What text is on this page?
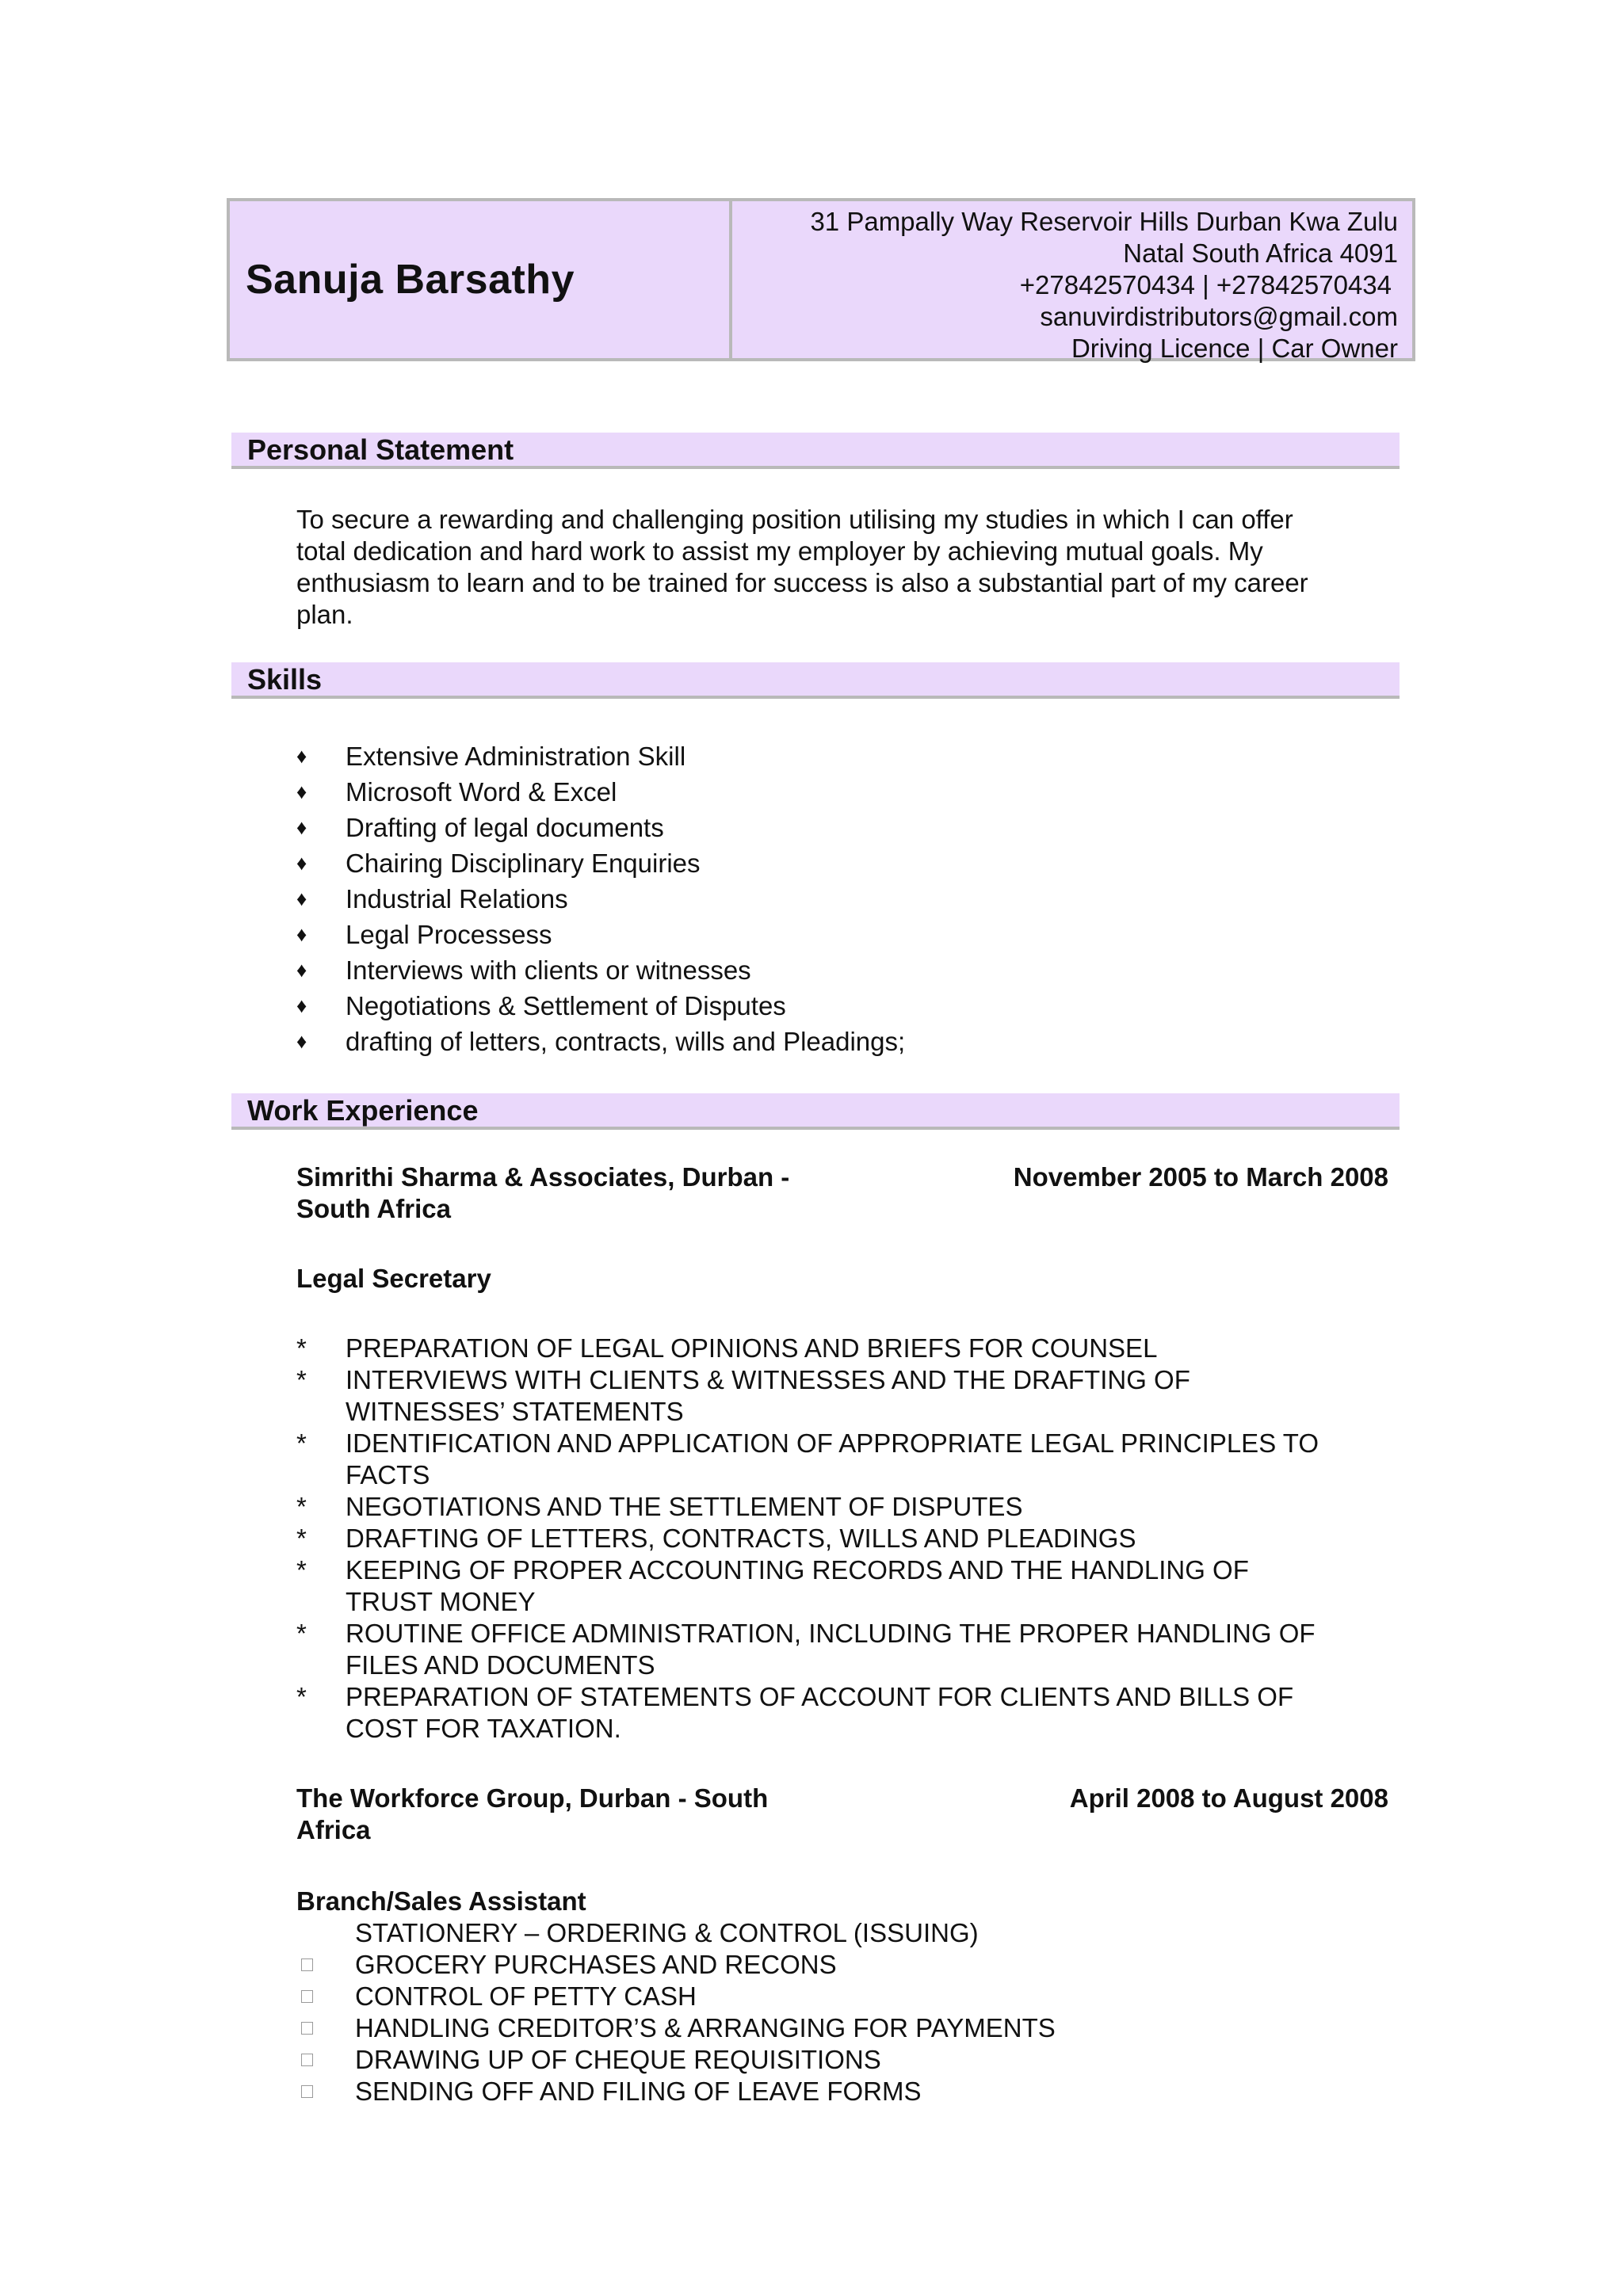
Sanuja Barsathy
31 Pampally Way Reservoir Hills Durban Kwa Zulu
Natal South Africa 4091
+27842570434 | +27842570434
sanuvirdistributors@gmail.com
Driving Licence | Car Owner
Personal Statement
To secure a rewarding and challenging position utilising my studies in which I can offer
total dedication and hard work to assist my employer by achieving mutual goals. My
enthusiasm to learn and to be trained for success is also a substantial part of my career
plan.
Skills
♦	Extensive Administration Skill
♦	Microsoft Word & Excel
♦	Drafting of legal documents
♦	Chairing Disciplinary Enquiries
♦	Industrial Relations
♦	Legal Processess
♦	Interviews with clients or witnesses
♦	Negotiations & Settlement of Disputes
♦	drafting of letters, contracts, wills and Pleadings;
Work Experience
Simrithi Sharma & Associates, Durban -
South Africa
November 2005 to March 2008
Legal Secretary
*	PREPARATION OF LEGAL OPINIONS AND BRIEFS FOR COUNSEL
*	INTERVIEWS WITH CLIENTS & WITNESSES AND THE DRAFTING OF
WITNESSES’ STATEMENTS
*	IDENTIFICATION AND APPLICATION OF APPROPRIATE LEGAL PRINCIPLES TO
FACTS
*	NEGOTIATIONS AND THE SETTLEMENT OF DISPUTES
*	DRAFTING OF LETTERS, CONTRACTS, WILLS AND PLEADINGS
*	KEEPING OF PROPER ACCOUNTING RECORDS AND THE HANDLING OF
TRUST MONEY
*	ROUTINE OFFICE ADMINISTRATION, INCLUDING THE PROPER HANDLING OF
FILES AND DOCUMENTS
*	PREPARATION OF STATEMENTS OF ACCOUNT FOR CLIENTS AND BILLS OF
COST FOR TAXATION.
The Workforce Group, Durban - South
Africa
April 2008 to August 2008
Branch/Sales Assistant
STATIONERY – ORDERING & CONTROL (ISSUING)
GROCERY PURCHASES AND RECONS
CONTROL OF PETTY CASH
HANDLING CREDITOR’S & ARRANGING FOR PAYMENTS
DRAWING UP OF CHEQUE REQUISITIONS
SENDING OFF AND FILING OF LEAVE FORMS
